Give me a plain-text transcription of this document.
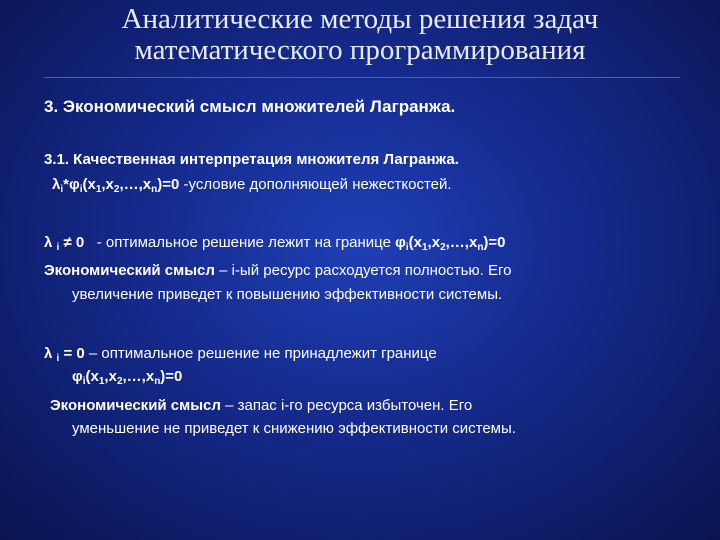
Аналитические методы решения задач
математического программирования
3. Экономический смысл множителей Лагранжа.
3.1. Качественная интерпретация множителя Лагранжа.
$\lambda_i*\varphi_i(x_1,x_2,\dots,x_n)=0$ -условие дополняющей нежесткостей.
λ $_i$ ≠ 0   - оптимальное решение лежит на границе $\varphi_i(x_1,x_2,\dots,x_n)=0$
Экономический смысл – i-ый ресурс расходуется полностью. Его
увеличение приведет к повышению эффективности системы.
λ $_i$ = 0 – оптимальное решение не принадлежит границе
$\varphi_i(x_1,x_2,\dots,x_n)=0$
Экономический смысл – запас i-го ресурса избыточен. Его
уменьшение не приведет к снижению эффективности системы.
